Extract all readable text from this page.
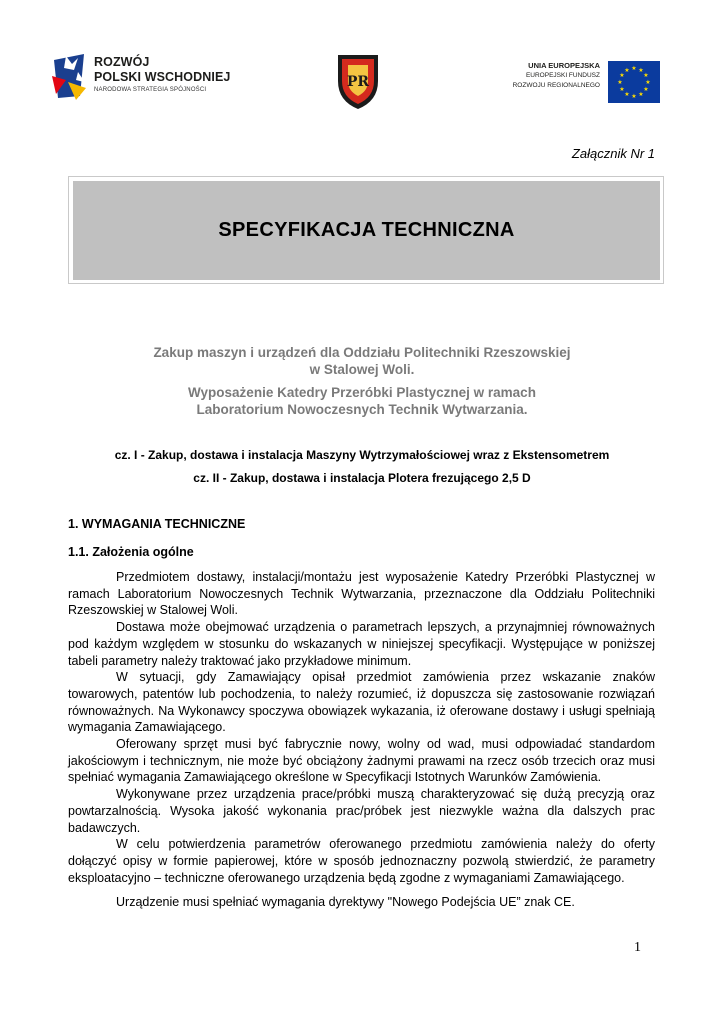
ROZWÓJ
POLSKI WSCHODNIEJ
NARODOWA STRATEGIA SPÓJNOŚCI	PR
UNIA EUROPEJSKA
EUROPEJSKI FUNDUSZ
ROZWOJU REGIONALNEGO
★ ★
★
★
★
★
★
★
★
★
★
★
Załącznik Nr 1
SPECYFIKACJA TECHNICZNA
Zakup maszyn i urządzeń dla Oddziału Politechniki Rzeszowskiej
w Stalowej Woli.
Wyposażenie Katedry Przeróbki Plastycznej w ramach
Laboratorium Nowoczesnych Technik Wytwarzania.
cz. I - Zakup, dostawa i instalacja Maszyny Wytrzymałościowej wraz z Ekstensometrem
cz. II - Zakup, dostawa i instalacja Plotera frezującego 2,5 D
1. WYMAGANIA TECHNICZNE
1.1. Założenia ogólne

Przedmiotem dostawy, instalacji/montażu jest wyposażenie Katedry Przeróbki Plastycznej w ramach Laboratorium Nowoczesnych Technik Wytwarzania, przeznaczone dla Oddziału Politechniki Rzeszowskiej w Stalowej Woli.

Dostawa może obejmować urządzenia o parametrach lepszych, a przynajmniej równoważnych pod każdym względem w stosunku do wskazanych w niniejszej specyfikacji. Występujące w poniższej tabeli parametry należy traktować jako przykładowe minimum.

W sytuacji, gdy Zamawiający opisał przedmiot zamówienia przez wskazanie znaków towarowych, patentów lub pochodzenia, to należy rozumieć, iż dopuszcza się zastosowanie rozwiązań równoważnych. Na Wykonawcy spoczywa obowiązek wykazania, iż oferowane dostawy i usługi spełniają wymagania Zamawiającego.

Oferowany sprzęt musi być fabrycznie nowy, wolny od wad, musi odpowiadać standardom jakościowym i technicznym, nie może być obciążony żadnymi prawami na rzecz osób trzecich oraz musi spełniać wymagania Zamawiającego określone w Specyfikacji Istotnych Warunków Zamówienia.

Wykonywane przez urządzenia prace/próbki muszą charakteryzować się dużą precyzją oraz powtarzalnością. Wysoka jakość wykonania prac/próbek jest niezwykle ważna dla dalszych prac badawczych.

W celu potwierdzenia parametrów oferowanego przedmiotu zamówienia należy do oferty dołączyć opisy w formie papierowej, które w sposób jednoznaczny pozwolą stwierdzić, że parametry eksploatacyjno – techniczne oferowanego urządzenia będą zgodne z wymaganiami Zamawiającego.

Urządzenie musi spełniać wymagania dyrektywy "Nowego Podejścia UE” znak CE.

1
